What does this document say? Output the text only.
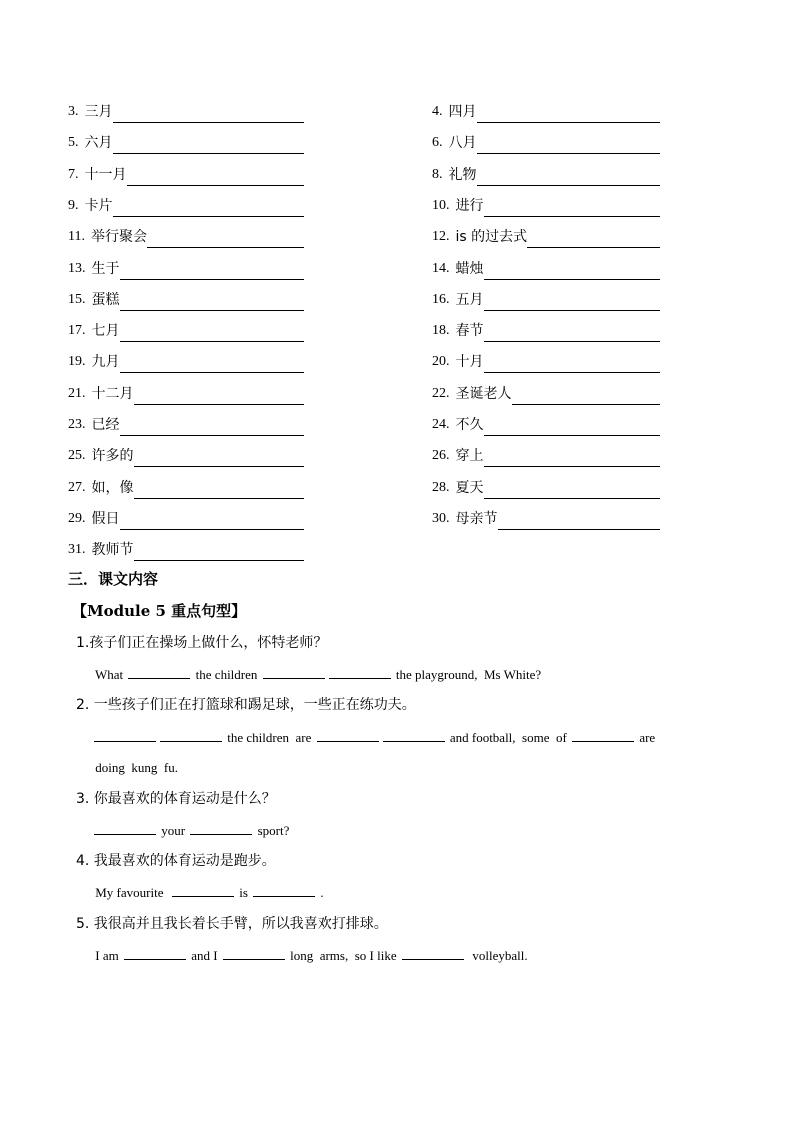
3. 三月
5. 六月
7. 十一月
9. 卡片
11. 举行聚会
13. 生于
15. 蛋糕
17. 七月
19. 九月
21. 十二月
23. 已经
25. 许多的
27. 如，像
29. 假日
31. 教师节
4. 四月
6. 八月
8. 礼物
10. 进行
12. is 的过去式
14. 蜡烛
16. 五月
18. 春节
20. 十月
22. 圣诞老人
24. 不久
26. 穿上
28. 夏天
30. 母亲节
三．课文内容
【Module 5 重点句型】
1.孩子们正在操场上做什么，怀特老师？
What	the children	the playground,  Ms White?
2. 一些孩子们正在打篮球和踢足球，一些正在练功夫。
the children  are	and football,  some  of	are
doing  kung  fu.
3. 你最喜欢的体育运动是什么？
your	sport?
4. 我最喜欢的体育运动是跑步。
My favourite	is	.
5. 我很高并且我长着长手臂，所以我喜欢打排球。
I am	and I	long  arms,  so I like	volleyball.
